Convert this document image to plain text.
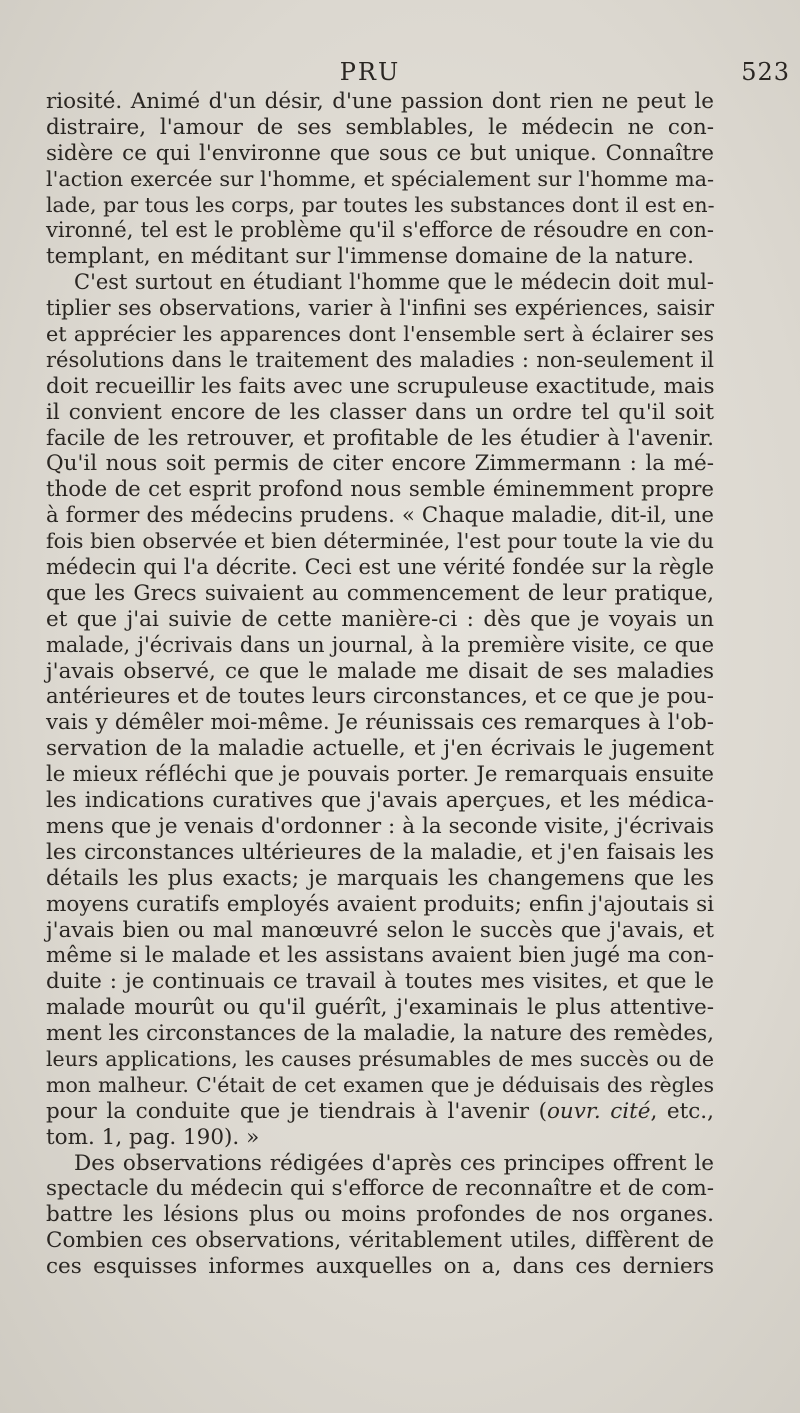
PRU	523
riosité. Animé d'un désir, d'une passion dont rien ne peut le
distraire, l'amour de ses semblables, le médecin ne con-
sidère ce qui l'environne que sous ce but unique. Connaître
l'action exercée sur l'homme, et spécialement sur l'homme ma-
lade, par tous les corps, par toutes les substances dont il est en-
vironné, tel est le problème qu'il s'efforce de résoudre en con-
templant, en méditant sur l'immense domaine de la nature.
C'est surtout en étudiant l'homme que le médecin doit mul-
tiplier ses observations, varier à l'infini ses expériences, saisir
et apprécier les apparences dont l'ensemble sert à éclairer ses
résolutions dans le traitement des maladies : non-seulement il
doit recueillir les faits avec une scrupuleuse exactitude, mais
il convient encore de les classer dans un ordre tel qu'il soit
facile de les retrouver, et profitable de les étudier à l'avenir.
Qu'il nous soit permis de citer encore Zimmermann : la mé-
thode de cet esprit profond nous semble éminemment propre
à former des médecins prudens. « Chaque maladie, dit-il, une
fois bien observée et bien déterminée, l'est pour toute la vie du
médecin qui l'a décrite. Ceci est une vérité fondée sur la règle
que les Grecs suivaient au commencement de leur pratique,
et que j'ai suivie de cette manière-ci : dès que je voyais un
malade, j'écrivais dans un journal, à la première visite, ce que
j'avais observé, ce que le malade me disait de ses maladies
antérieures et de toutes leurs circonstances, et ce que je pou-
vais y démêler moi-même. Je réunissais ces remarques à l'ob-
servation de la maladie actuelle, et j'en écrivais le jugement
le mieux réfléchi que je pouvais porter. Je remarquais ensuite
les indications curatives que j'avais aperçues, et les médica-
mens que je venais d'ordonner : à la seconde visite, j'écrivais
les circonstances ultérieures de la maladie, et j'en faisais les
détails les plus exacts; je marquais les changemens que les
moyens curatifs employés avaient produits; enfin j'ajoutais si
j'avais bien ou mal manœuvré selon le succès que j'avais, et
même si le malade et les assistans avaient bien jugé ma con-
duite : je continuais ce travail à toutes mes visites, et que le
malade mourût ou qu'il guérît, j'examinais le plus attentive-
ment les circonstances de la maladie, la nature des remèdes,
leurs applications, les causes présumables de mes succès ou de
mon malheur. C'était de cet examen que je déduisais des règles
pour la conduite que je tiendrais à l'avenir (ouvr. cité, etc.,
tom. 1, pag. 190). »
Des observations rédigées d'après ces principes offrent le
spectacle du médecin qui s'efforce de reconnaître et de com-
battre les lésions plus ou moins profondes de nos organes.
Combien ces observations, véritablement utiles, diffèrent de
ces esquisses informes auxquelles on a, dans ces derniers
